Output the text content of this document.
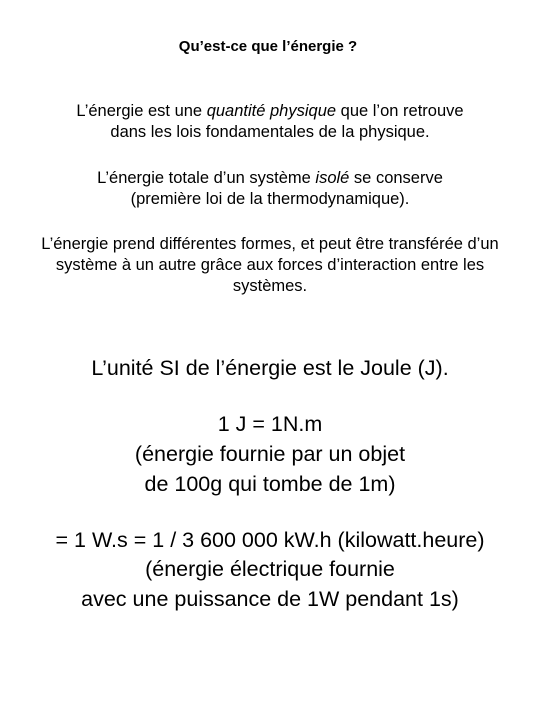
Qu’est-ce que l’énergie ?
L’énergie est une quantité physique que l’on retrouve
dans les lois fondamentales de la physique.
L’énergie totale d’un système isolé se conserve
(première loi de la thermodynamique).
L’énergie prend différentes formes, et peut être transférée d’un
système à un autre grâce aux forces d’interaction entre les
systèmes.
L’unité SI de l’énergie est le Joule (J).
1 J = 1N.m
(énergie fournie par un objet
de 100g qui tombe de 1m)
= 1 W.s = 1 / 3 600 000 kW.h (kilowatt.heure)
(énergie électrique fournie
avec une puissance de 1W pendant 1s)
